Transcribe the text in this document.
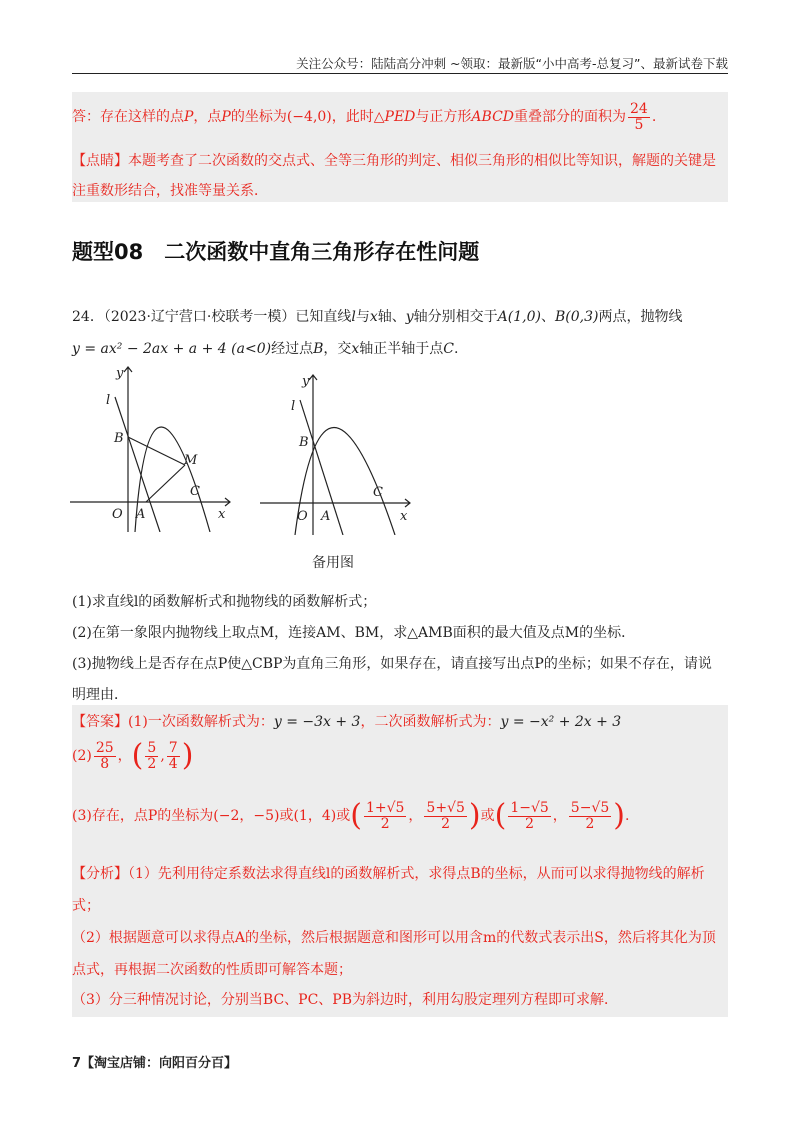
关注公众号：陆陆高分冲刺 ~领取：最新版“小中高考-总复习”、最新试卷下载
答：存在这样的点P，点P的坐标为(−4,0)，此时△PED与正方形ABCD重叠部分的面积为 $\frac{24}{5}$ .
【点睛】本题考查了二次函数的交点式、全等三角形的判定、相似三角形的相似比等知识，解题的关键是
注重数形结合，找准等量关系．
题型08　二次函数中直角三角形存在性问题
24．（2023·辽宁营口·校联考一模）已知直线l与x轴、y轴分别相交于A(1,0)、B(0,3)两点，抛物线
y = ax² − 2ax + a + 4 (a<0)经过点B，交x轴正半轴于点C.
y
x
O A
B
C
M
l
y
x
O A
B
C
l
备用图
(1)求直线l的函数解析式和抛物线的函数解析式；
(2)在第一象限内抛物线上取点M，连接AM、BM，求△AMB面积的最大值及点M的坐标．
(3)抛物线上是否存在点P使△CBP为直角三角形，如果存在，请直接写出点P的坐标；如果不存在，请说
明理由．
【答案】(1)一次函数解析式为：y = −3x + 3，二次函数解析式为：y = −x² + 2x + 3
$(2) \frac{25}{8}$ ，( $\frac{5}{2}$ , $\frac{7}{4}$ )
(3)存在，点P的坐标为(−2，−5)或(1，4)或( $\frac{1+√5}{2}$ ， $\frac{5+√5}{2}$ )或( $\frac{1-√5}{2}$ ， $\frac{5-√5}{2}$ ).
【分析】（1）先利用待定系数法求得直线l的函数解析式，求得点B的坐标，从而可以求得抛物线的解析
式；
（2）根据题意可以求得点A的坐标，然后根据题意和图形可以用含m的代数式表示出S，然后将其化为顶
点式，再根据二次函数的性质即可解答本题；
（3）分三种情况讨论，分别当BC、PC、PB为斜边时，利用勾股定理列方程即可求解．
7【淘宝店铺：向阳百分百】
